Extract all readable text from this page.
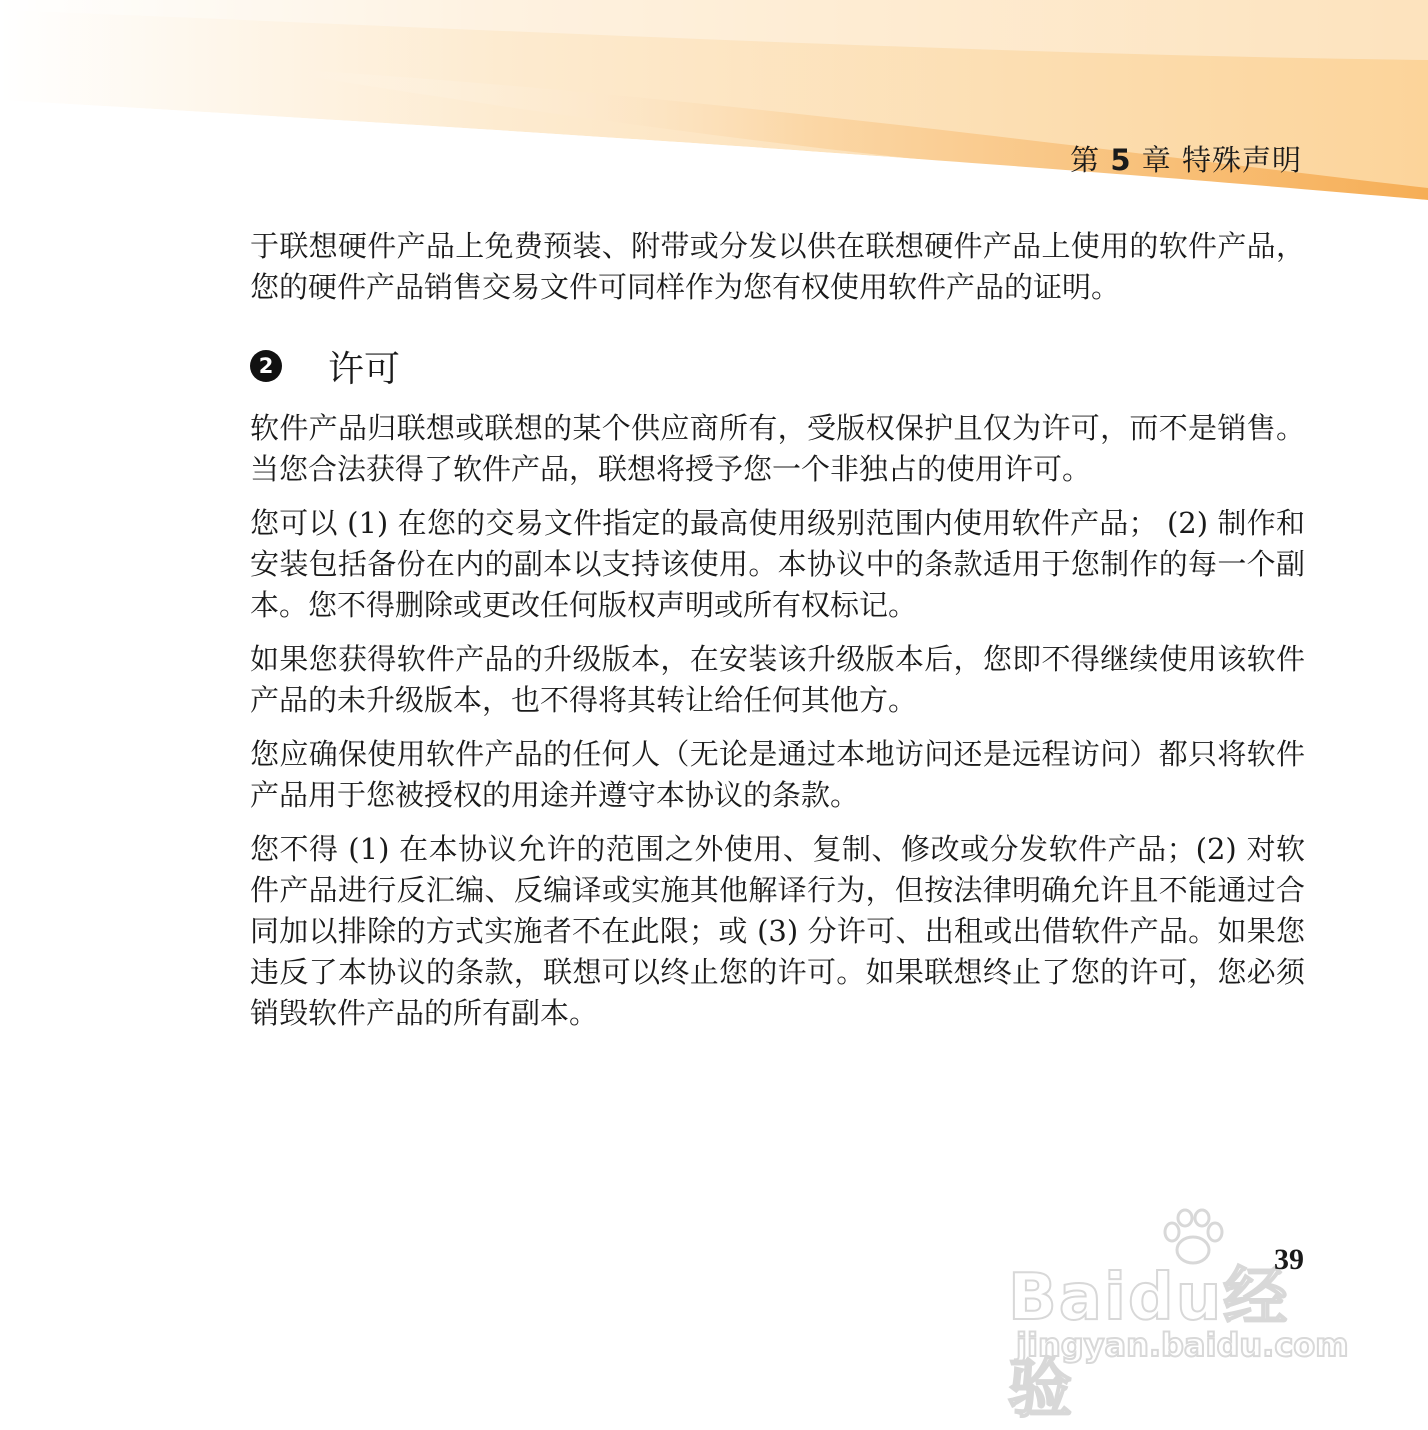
第 5 章 特殊声明

于联想硬件产品上免费预装、附带或分发以供在联想硬件产品上使用的软件产品，您的硬件产品销售交易文件可同样作为您有权使用软件产品的证明。

2 许可

软件产品归联想或联想的某个供应商所有，受版权保护且仅为许可，而不是销售。当您合法获得了软件产品，联想将授予您一个非独占的使用许可。

您可以 (1) 在您的交易文件指定的最高使用级别范围内使用软件产品； (2) 制作和安装包括备份在内的副本以支持该使用。本协议中的条款适用于您制作的每一个副本。您不得删除或更改任何版权声明或所有权标记。

如果您获得软件产品的升级版本，在安装该升级版本后，您即不得继续使用该软件产品的未升级版本，也不得将其转让给任何其他方。

您应确保使用软件产品的任何人（无论是通过本地访问还是远程访问）都只将软件产品用于您被授权的用途并遵守本协议的条款。

您不得 (1) 在本协议允许的范围之外使用、复制、修改或分发软件产品；(2) 对软件产品进行反汇编、反编译或实施其他解译行为，但按法律明确允许且不能通过合同加以排除的方式实施者不在此限；或 (3) 分许可、出租或出借软件产品。如果您违反了本协议的条款，联想可以终止您的许可。如果联想终止了您的许可，您必须销毁软件产品的所有副本。

Baidu经验
jingyan.baidu.com
39
